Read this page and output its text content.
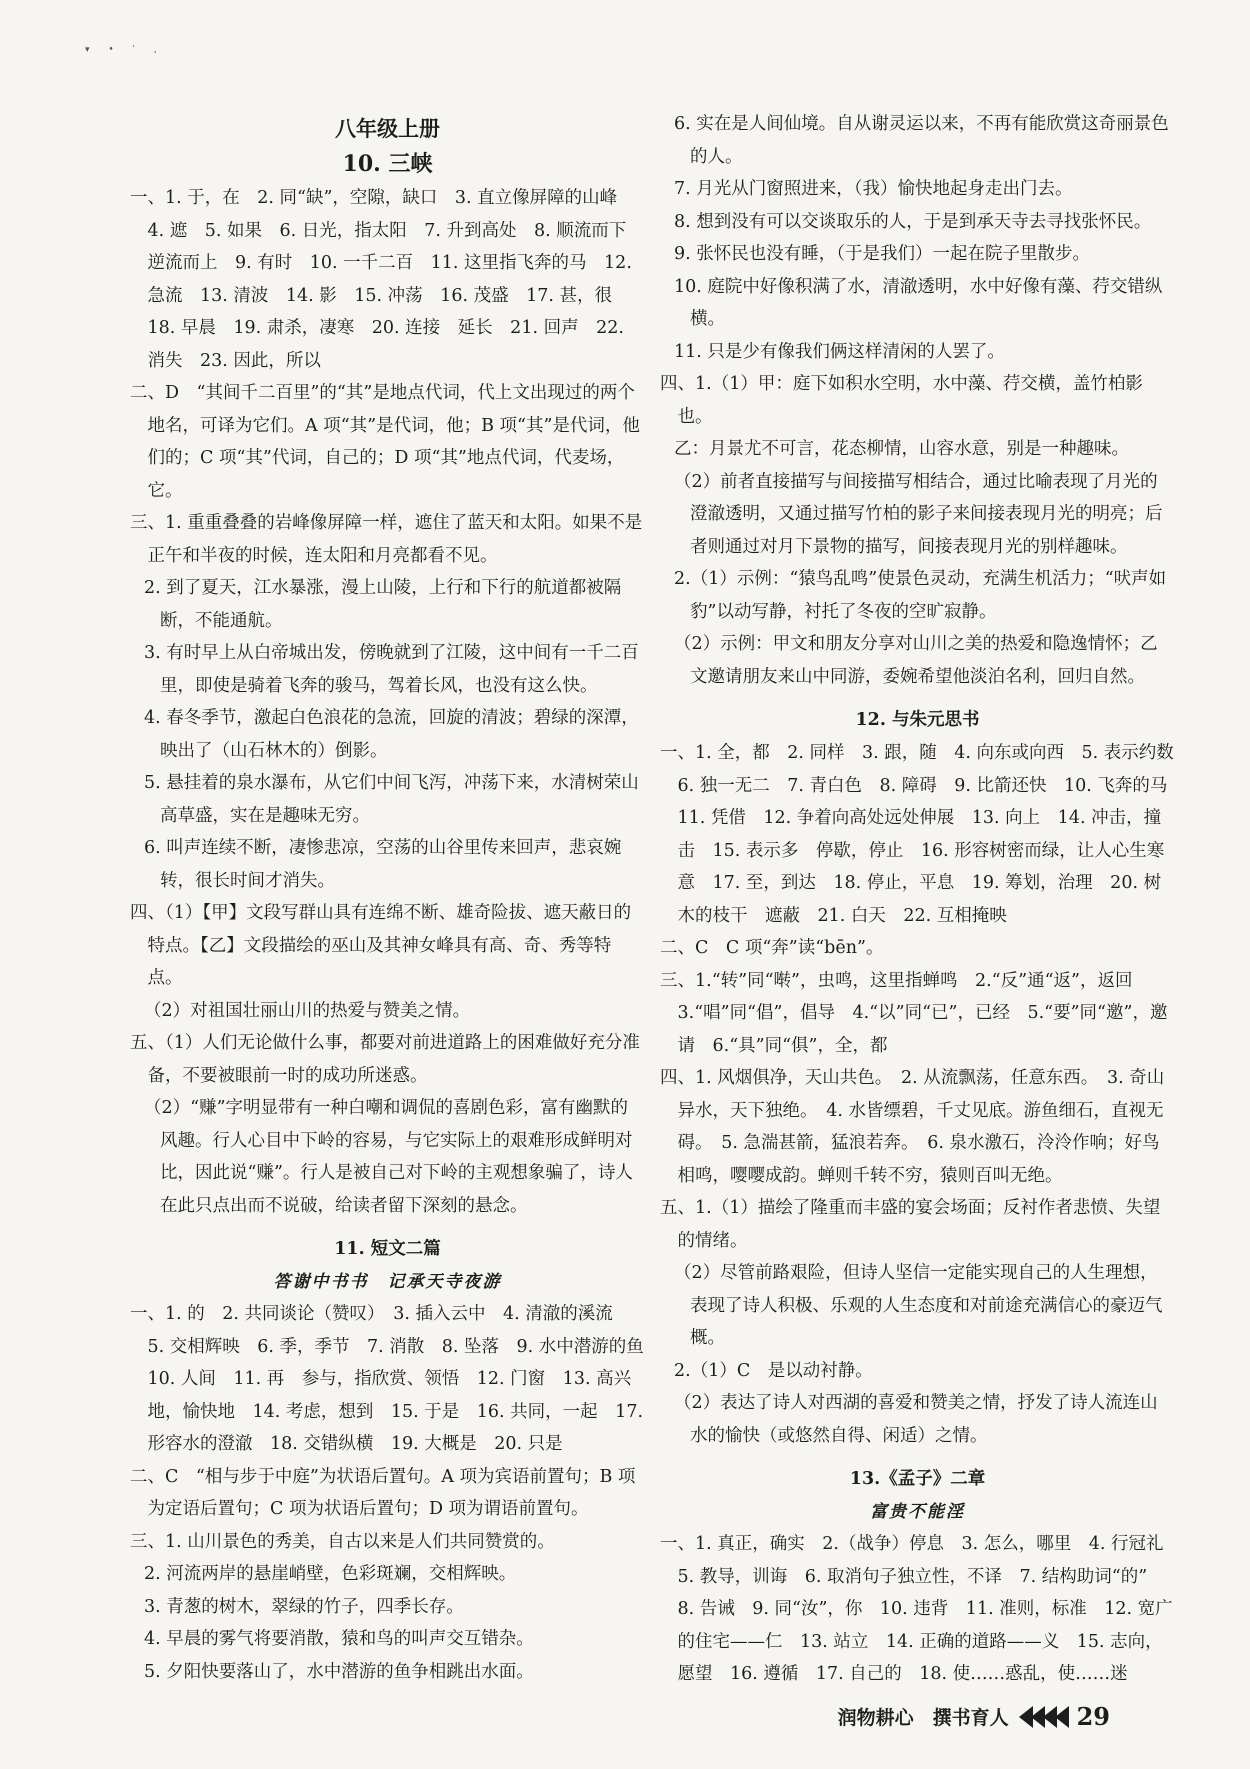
▾ • ˈ ,
八年级上册
10. 三峡
一、1. 于，在　2. 同“缺”，空隙，缺口　3. 直立像屏障的山峰　4. 遮　5. 如果　6. 日光，指太阳　7. 升到高处　8. 顺流而下　逆流而上　9. 有时　10. 一千二百　11. 这里指飞奔的马　12. 急流　13. 清波　14. 影　15. 冲荡　16. 茂盛　17. 甚，很　18. 早晨　19. 肃杀，凄寒　20. 连接　延长　21. 回声　22. 消失　23. 因此，所以
二、D　“其间千二百里”的“其”是地点代词，代上文出现过的两个地名，可译为它们。A 项“其”是代词，他；B 项“其”是代词，他们的；C 项“其”代词，自己的；D 项“其”地点代词，代麦场，它。
三、1. 重重叠叠的岩峰像屏障一样，遮住了蓝天和太阳。如果不是正午和半夜的时候，连太阳和月亮都看不见。
2. 到了夏天，江水暴涨，漫上山陵，上行和下行的航道都被隔断，不能通航。
3. 有时早上从白帝城出发，傍晚就到了江陵，这中间有一千二百里，即使是骑着飞奔的骏马，驾着长风，也没有这么快。
4. 春冬季节，激起白色浪花的急流，回旋的清波；碧绿的深潭，映出了（山石林木的）倒影。
5. 悬挂着的泉水瀑布，从它们中间飞泻，冲荡下来，水清树荣山高草盛，实在是趣味无穷。
6. 叫声连续不断，凄惨悲凉，空荡的山谷里传来回声，悲哀婉转，很长时间才消失。
四、（1）【甲】文段写群山具有连绵不断、雄奇险拔、遮天蔽日的特点。【乙】文段描绘的巫山及其神女峰具有高、奇、秀等特点。
（2）对祖国壮丽山川的热爱与赞美之情。
五、（1）人们无论做什么事，都要对前进道路上的困难做好充分准备，不要被眼前一时的成功所迷惑。
（2）“赚”字明显带有一种白嘲和调侃的喜剧色彩，富有幽默的风趣。行人心目中下岭的容易，与它实际上的艰难形成鲜明对比，因此说“赚”。行人是被自己对下岭的主观想象骗了，诗人在此只点出而不说破，给读者留下深刻的悬念。
11. 短文二篇
答谢中书书　记承天寺夜游
一、1. 的　2. 共同谈论（赞叹）　3. 插入云中　4. 清澈的溪流　5. 交相辉映　6. 季，季节　7. 消散　8. 坠落　9. 水中潜游的鱼　10. 人间　11. 再　参与，指欣赏、领悟　12. 门窗　13. 高兴地，愉快地　14. 考虑，想到　15. 于是　16. 共同，一起　17. 形容水的澄澈　18. 交错纵横　19. 大概是　20. 只是
二、C　“相与步于中庭”为状语后置句。A 项为宾语前置句；B 项为定语后置句；C 项为状语后置句；D 项为谓语前置句。
三、1. 山川景色的秀美，自古以来是人们共同赞赏的。
2. 河流两岸的悬崖峭壁，色彩斑斓，交相辉映。
3. 青葱的树木，翠绿的竹子，四季长存。
4. 早晨的雾气将要消散，猿和鸟的叫声交互错杂。
5. 夕阳快要落山了，水中潜游的鱼争相跳出水面。
6. 实在是人间仙境。自从谢灵运以来，不再有能欣赏这奇丽景色的人。
7. 月光从门窗照进来，（我）愉快地起身走出门去。
8. 想到没有可以交谈取乐的人，于是到承天寺去寻找张怀民。
9. 张怀民也没有睡，（于是我们）一起在院子里散步。
10. 庭院中好像积满了水，清澈透明，水中好像有藻、荇交错纵横。
11. 只是少有像我们俩这样清闲的人罢了。
四、1.（1）甲：庭下如积水空明，水中藻、荇交横，盖竹柏影也。
乙：月景尤不可言，花态柳情，山容水意，别是一种趣味。
（2）前者直接描写与间接描写相结合，通过比喻表现了月光的澄澈透明，又通过描写竹柏的影子来间接表现月光的明亮；后者则通过对月下景物的描写，间接表现月光的别样趣味。
2.（1）示例：“猿鸟乱鸣”使景色灵动，充满生机活力；“吠声如豹”以动写静，衬托了冬夜的空旷寂静。
（2）示例：甲文和朋友分享对山川之美的热爱和隐逸情怀；乙文邀请朋友来山中同游，委婉希望他淡泊名利，回归自然。
12. 与朱元思书
一、1. 全，都　2. 同样　3. 跟，随　4. 向东或向西　5. 表示约数　6. 独一无二　7. 青白色　8. 障碍　9. 比箭还快　10. 飞奔的马　11. 凭借　12. 争着向高处远处伸展　13. 向上　14. 冲击，撞击　15. 表示多　停歇，停止　16. 形容树密而绿，让人心生寒意　17. 至，到达　18. 停止，平息　19. 筹划，治理　20. 树木的枝干　遮蔽　21. 白天　22. 互相掩映
二、C　C 项“奔”读“bēn”。
三、1.“转”同“啭”，虫鸣，这里指蝉鸣　2.“反”通“返”，返回　3.“唱”同“倡”，倡导　4.“以”同“已”，已经　5.“要”同“邀”，邀请　6.“具”同“俱”，全，都
四、1. 风烟俱净，天山共色。　2. 从流飘荡，任意东西。　3. 奇山异水，天下独绝。　4. 水皆缥碧，千丈见底。游鱼细石，直视无碍。　5. 急湍甚箭，猛浪若奔。　6. 泉水激石，泠泠作响；好鸟相鸣，嘤嘤成韵。蝉则千转不穷，猿则百叫无绝。
五、1.（1）描绘了隆重而丰盛的宴会场面；反衬作者悲愤、失望的情绪。
（2）尽管前路艰险，但诗人坚信一定能实现自己的人生理想，表现了诗人积极、乐观的人生态度和对前途充满信心的豪迈气概。
2.（1）C　是以动衬静。
（2）表达了诗人对西湖的喜爱和赞美之情，抒发了诗人流连山水的愉快（或悠然自得、闲适）之情。
13.《孟子》二章
富贵不能淫
一、1. 真正，确实　2.（战争）停息　3. 怎么，哪里　4. 行冠礼　5. 教导，训诲　6. 取消句子独立性，不译　7. 结构助词“的”　8. 告诫　9. 同“汝”，你　10. 违背　11. 准则，标准　12. 宽广的住宅——仁　13. 站立　14. 正确的道路——义　15. 志向，愿望　16. 遵循　17. 自己的　18. 使……惑乱，使……迷
润物耕心　撰书育人	29
